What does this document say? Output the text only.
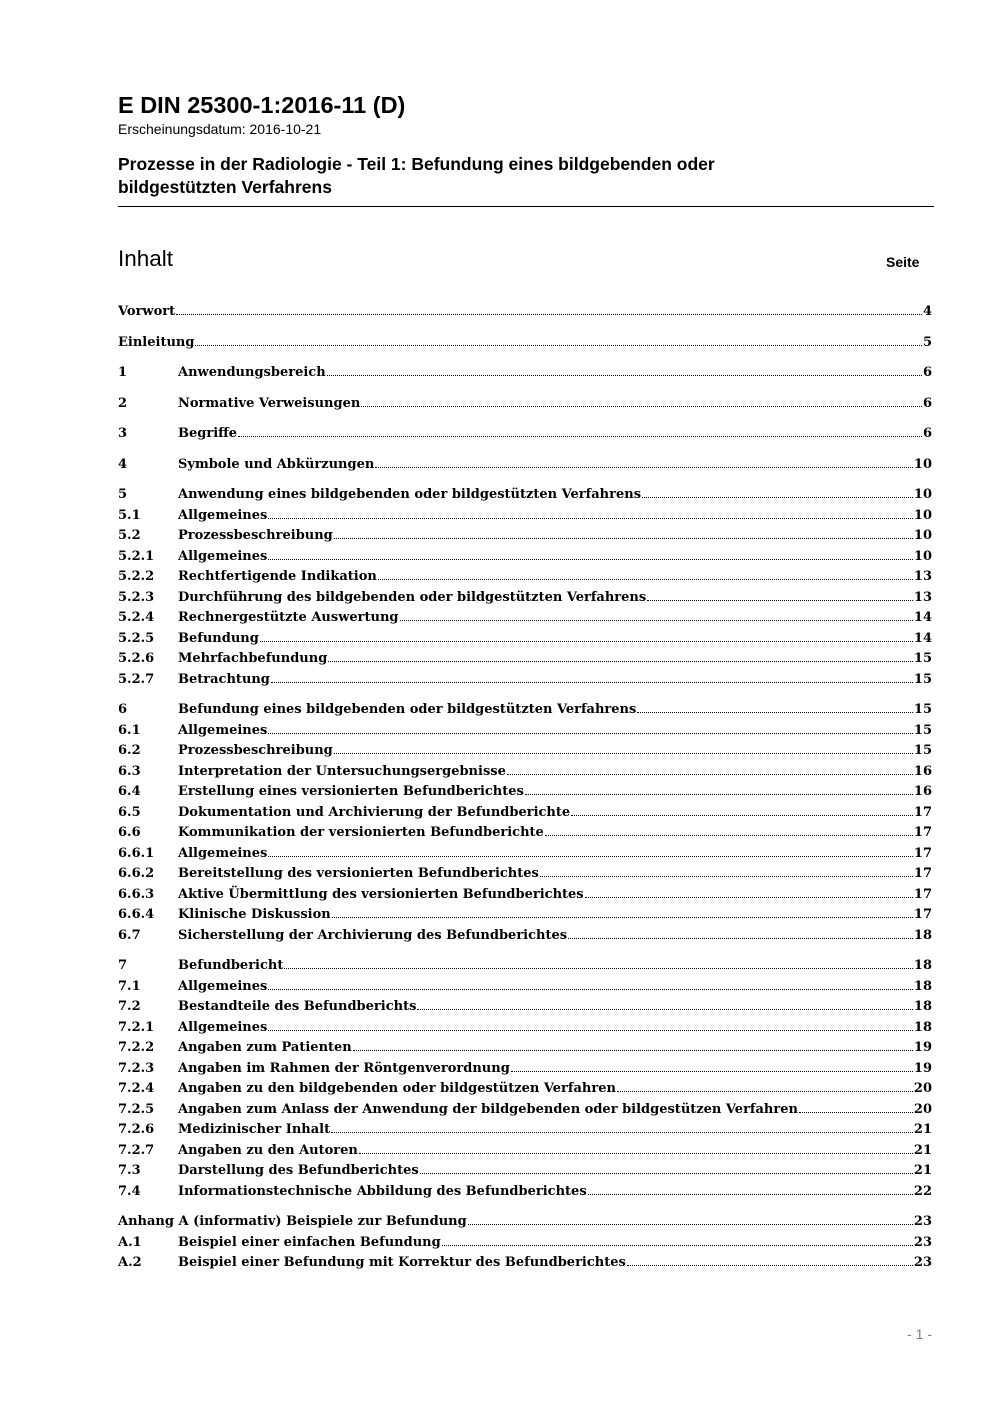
E DIN 25300-1:2016-11 (D)

Erscheinungsdatum: 2016-10-21

Prozesse in der Radiologie - Teil 1: Befundung eines bildgebenden oder
bildgestützten Verfahrens

Inhalt	Seite
Vorwort	4
Einleitung	5
1	Anwendungsbereich	6
2	Normative Verweisungen	6
3	Begriffe	6
4	Symbole und Abkürzungen	10
5	Anwendung eines bildgebenden oder bildgestützten Verfahrens	10
5.1	Allgemeines	10
5.2	Prozessbeschreibung	10
5.2.1	Allgemeines	10
5.2.2	Rechtfertigende Indikation	13
5.2.3	Durchführung des bildgebenden oder bildgestützten Verfahrens	13
5.2.4	Rechnergestützte Auswertung	14
5.2.5	Befundung	14
5.2.6	Mehrfachbefundung	15
5.2.7	Betrachtung	15
6	Befundung eines bildgebenden oder bildgestützten Verfahrens	15
6.1	Allgemeines	15
6.2	Prozessbeschreibung	15
6.3	Interpretation der Untersuchungsergebnisse	16
6.4	Erstellung eines versionierten Befundberichtes	16
6.5	Dokumentation und Archivierung der Befundberichte	17
6.6	Kommunikation der versionierten Befundberichte	17
6.6.1	Allgemeines	17
6.6.2	Bereitstellung des versionierten Befundberichtes	17
6.6.3	Aktive Übermittlung des versionierten Befundberichtes	17
6.6.4	Klinische Diskussion	17
6.7	Sicherstellung der Archivierung des Befundberichtes	18
7	Befundbericht	18
7.1	Allgemeines	18
7.2	Bestandteile des Befundberichts	18
7.2.1	Allgemeines	18
7.2.2	Angaben zum Patienten	19
7.2.3	Angaben im Rahmen der Röntgenverordnung	19
7.2.4	Angaben zu den bildgebenden oder bildgestützen Verfahren	20
7.2.5	Angaben zum Anlass der Anwendung der bildgebenden oder bildgestützen Verfahren	20
7.2.6	Medizinischer Inhalt	21
7.2.7	Angaben zu den Autoren	21
7.3	Darstellung des Befundberichtes	21
7.4	Informationstechnische Abbildung des Befundberichtes	22
Anhang A (informativ) Beispiele zur Befundung	23
A.1	Beispiel einer einfachen Befundung	23
A.2	Beispiel einer Befundung mit Korrektur des Befundberichtes	23
- 1 -
